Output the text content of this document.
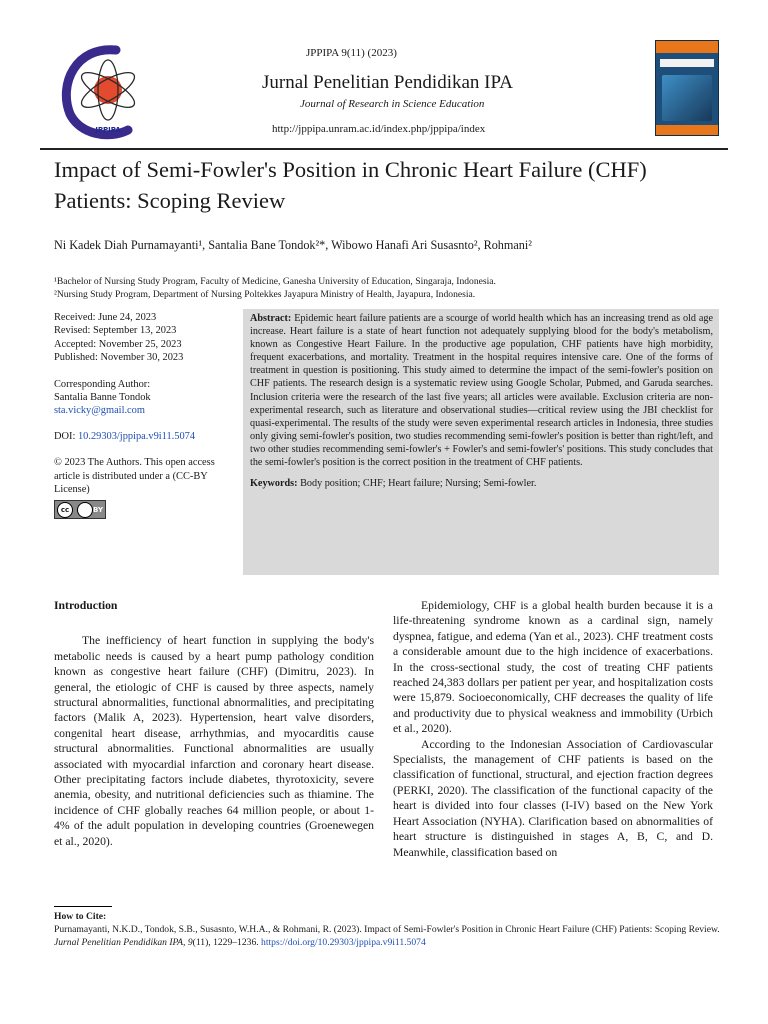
JPPIPA
JPPIPA 9(11) (2023)
Jurnal Penelitian Pendidikan IPA
Journal of Research in Science Education
http://jppipa.unram.ac.id/index.php/jppipa/index
Impact of Semi-Fowler's Position in Chronic Heart Failure (CHF) Patients: Scoping Review
Ni Kadek Diah Purnamayanti¹, Santalia Bane Tondok²*, Wibowo Hanafi Ari Susasnto², Rohmani²
¹Bachelor of Nursing Study Program, Faculty of Medicine, Ganesha University of Education, Singaraja, Indonesia.
²Nursing Study Program, Department of Nursing Poltekkes Jayapura Ministry of Health, Jayapura, Indonesia.

Received: June 24, 2023

Revised: September 13, 2023

Accepted: November 25, 2023

Published: November 30, 2023

Corresponding Author:

Santalia Banne Tondok

sta.vicky@gmail.com

DOI: 10.29303/jppipa.v9i11.5074

© 2023 The Authors. This open access article is distributed under a (CC-BY License)

cc	BY

Abstract: Epidemic heart failure patients are a scourge of world health which has an increasing trend as old age increase. Heart failure is a state of heart function not adequately supplying blood for the body's metabolism, known as Congestive Heart Failure. In the productive age population, CHF patients have high morbidity, frequent exacerbations, and mortality. Treatment in the hospital requires intensive care. One of the forms of treatment in question is positioning. This study aimed to determine the impact of the semi-fowler's position on CHF patients. The research design is a systematic review using Google Scholar, Pubmed, and Garuda searches. Inclusion criteria were the research of the last five years; all articles were available. Exclusion criteria are non-experimental research, such as literature and observational studies—critical review using the JBI checklist for quasi-experimental. The results of the study were seven experimental research articles in Indonesia, three studies only giving semi-fowler's position, two studies recommending semi-fowler's position is better than right/left, and two other studies recommending semi-fowler's + Fowler's and semi-fowler's' positions. This study concludes that the semi-fowler's position is the correct position in the treatment of CHF patients.

Keywords: Body position; CHF; Heart failure; Nursing; Semi-fowler.

Introduction

The inefficiency of heart function in supplying the body's metabolic needs is caused by a heart pump pathology condition known as congestive heart failure (CHF) (Dimitru, 2023). In general, the etiologic of CHF is caused by three aspects, namely structural abnormalities, functional abnormalities, and precipitating factors (Malik A, 2023). Hypertension, heart valve disorders, congenital heart disease, arrhythmias, and myocarditis cause structural abnormalities. Functional abnormalities are usually associated with myocardial infarction and coronary heart disease. Other precipitating factors include diabetes, thyrotoxicity, severe anemia, obesity, and nutritional deficiencies such as thiamine. The incidence of CHF globally reaches 64 million people, or about 1-4% of the adult population in developing countries (Groenewegen et al., 2020).

Epidemiology, CHF is a global health burden because it is a life-threatening syndrome known as a cardinal sign, namely dyspnea, fatigue, and edema (Yan et al., 2023). CHF treatment costs a considerable amount due to the high incidence of exacerbations. In the cross-sectional study, the cost of treating CHF patients reached 24,383 dollars per patient per year, and hospitalization costs were 15,879. Socioeconomically, CHF decreases the quality of life and productivity due to physical weakness and immobility (Urbich et al., 2020).

According to the Indonesian Association of Cardiovascular Specialists, the management of CHF patients is based on the classification of functional, structural, and ejection fraction degrees (PERKI, 2020). The classification of the functional capacity of the heart is divided into four classes (I-IV) based on the New York Heart Association (NYHA). Clarification based on abnormalities of heart structure is distinguished in stages A, B, C, and D. Meanwhile, classification based on

How to Cite:

Purnamayanti, N.K.D., Tondok, S.B., Susasnto, W.H.A., & Rohmani, R. (2023). Impact of Semi-Fowler's Position in Chronic Heart Failure (CHF) Patients: Scoping Review. Jurnal Penelitian Pendidikan IPA, 9(11), 1229–1236. https://doi.org/10.29303/jppipa.v9i11.5074
